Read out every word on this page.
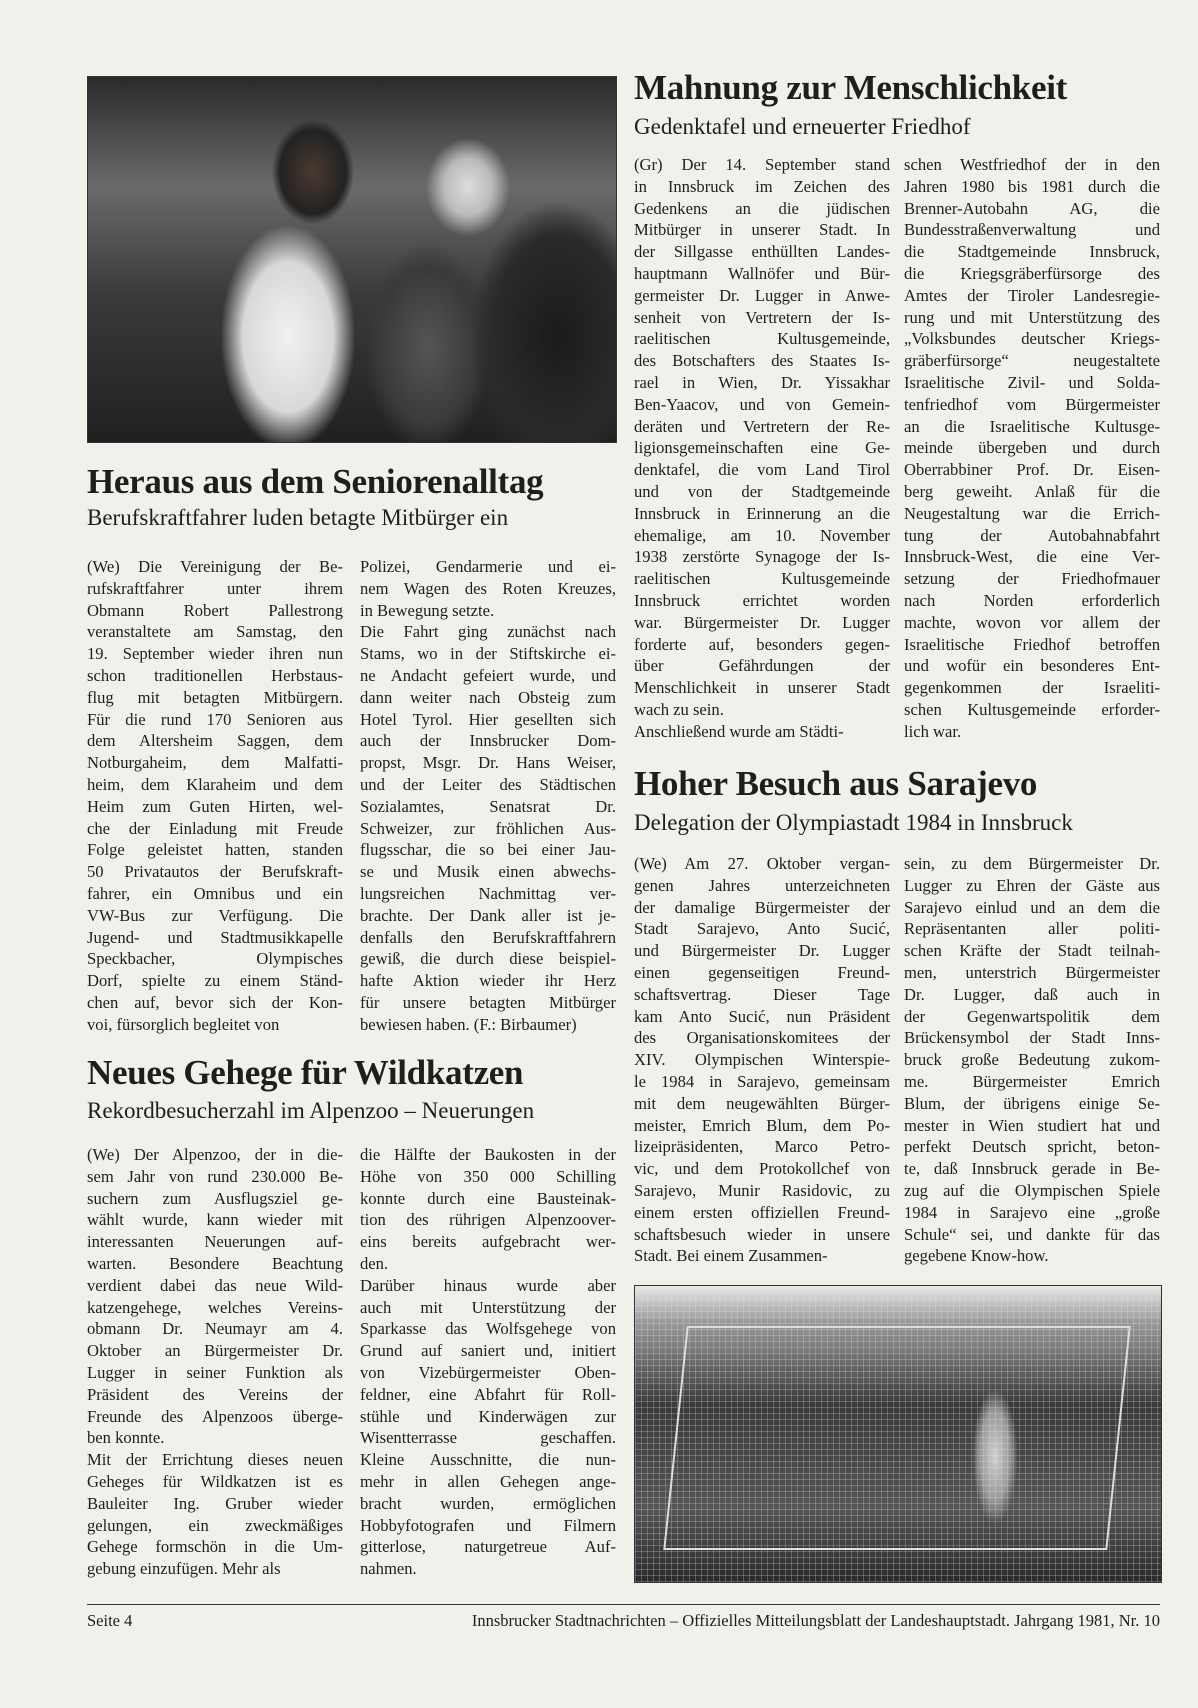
Heraus aus dem Seniorenalltag
Berufskraftfahrer luden betagte Mitbürger ein
(We) Die Vereinigung der Be-
rufskraftfahrer unter ihrem
Obmann Robert Pallestrong
veranstaltete am Samstag, den
19. September wieder ihren nun
schon traditionellen Herbstaus-
flug mit betagten Mitbürgern.
Für die rund 170 Senioren aus
dem Altersheim Saggen, dem
Notburgaheim, dem Malfatti-
heim, dem Klaraheim und dem
Heim zum Guten Hirten, wel-
che der Einladung mit Freude
Folge geleistet hatten, standen
50 Privatautos der Berufskraft-
fahrer, ein Omnibus und ein
VW-Bus zur Verfügung. Die
Jugend- und Stadtmusikkapelle
Speckbacher, Olympisches
Dorf, spielte zu einem Ständ-
chen auf, bevor sich der Kon-
voi, fürsorglich begleitet von
Polizei, Gendarmerie und ei-
nem Wagen des Roten Kreuzes,
in Bewegung setzte.
Die Fahrt ging zunächst nach
Stams, wo in der Stiftskirche ei-
ne Andacht gefeiert wurde, und
dann weiter nach Obsteig zum
Hotel Tyrol. Hier gesellten sich
auch der Innsbrucker Dom-
propst, Msgr. Dr. Hans Weiser,
und der Leiter des Städtischen
Sozialamtes, Senatsrat Dr.
Schweizer, zur fröhlichen Aus-
flugsschar, die so bei einer Jau-
se und Musik einen abwechs-
lungsreichen Nachmittag ver-
brachte. Der Dank aller ist je-
denfalls den Berufskraftfahrern
gewiß, die durch diese beispiel-
hafte Aktion wieder ihr Herz
für unsere betagten Mitbürger
bewiesen haben. (F.: Birbaumer)
Neues Gehege für Wildkatzen
Rekordbesucherzahl im Alpenzoo – Neuerungen
(We) Der Alpenzoo, der in die-
sem Jahr von rund 230.000 Be-
suchern zum Ausflugsziel ge-
wählt wurde, kann wieder mit
interessanten Neuerungen auf-
warten. Besondere Beachtung
verdient dabei das neue Wild-
katzengehege, welches Vereins-
obmann Dr. Neumayr am 4.
Oktober an Bürgermeister Dr.
Lugger in seiner Funktion als
Präsident des Vereins der
Freunde des Alpenzoos überge-
ben konnte.
Mit der Errichtung dieses neuen
Geheges für Wildkatzen ist es
Bauleiter Ing. Gruber wieder
gelungen, ein zweckmäßiges
Gehege formschön in die Um-
gebung einzufügen. Mehr als
die Hälfte der Baukosten in der
Höhe von 350 000 Schilling
konnte durch eine Bausteinak-
tion des rührigen Alpenzoover-
eins bereits aufgebracht wer-
den.
Darüber hinaus wurde aber
auch mit Unterstützung der
Sparkasse das Wolfsgehege von
Grund auf saniert und, initiert
von Vizebürgermeister Oben-
feldner, eine Abfahrt für Roll-
stühle und Kinderwägen zur
Wisentterrasse geschaffen.
Kleine Ausschnitte, die nun-
mehr in allen Gehegen ange-
bracht wurden, ermöglichen
Hobbyfotografen und Filmern
gitterlose, naturgetreue Auf-
nahmen.
Mahnung zur Menschlichkeit
Gedenktafel und erneuerter Friedhof
(Gr) Der 14. September stand
in Innsbruck im Zeichen des
Gedenkens an die jüdischen
Mitbürger in unserer Stadt. In
der Sillgasse enthüllten Landes-
hauptmann Wallnöfer und Bür-
germeister Dr. Lugger in Anwe-
senheit von Vertretern der Is-
raelitischen Kultusgemeinde,
des Botschafters des Staates Is-
rael in Wien, Dr. Yissakhar
Ben-Yaacov, und von Gemein-
deräten und Vertretern der Re-
ligionsgemeinschaften eine Ge-
denktafel, die vom Land Tirol
und von der Stadtgemeinde
Innsbruck in Erinnerung an die
ehemalige, am 10. November
1938 zerstörte Synagoge der Is-
raelitischen Kultusgemeinde
Innsbruck errichtet worden
war. Bürgermeister Dr. Lugger
forderte auf, besonders gegen-
über Gefährdungen der
Menschlichkeit in unserer Stadt
wach zu sein.
Anschließend wurde am Städti-
schen Westfriedhof der in den
Jahren 1980 bis 1981 durch die
Brenner-Autobahn AG, die
Bundesstraßenverwaltung und
die Stadtgemeinde Innsbruck,
die Kriegsgräberfürsorge des
Amtes der Tiroler Landesregie-
rung und mit Unterstützung des
„Volksbundes deutscher Kriegs-
gräberfürsorge“ neugestaltete
Israelitische Zivil- und Solda-
tenfriedhof vom Bürgermeister
an die Israelitische Kultusge-
meinde übergeben und durch
Oberrabbiner Prof. Dr. Eisen-
berg geweiht. Anlaß für die
Neugestaltung war die Errich-
tung der Autobahnabfahrt
Innsbruck-West, die eine Ver-
setzung der Friedhofmauer
nach Norden erforderlich
machte, wovon vor allem der
Israelitische Friedhof betroffen
und wofür ein besonderes Ent-
gegenkommen der Israeliti-
schen Kultusgemeinde erforder-
lich war.
Hoher Besuch aus Sarajevo
Delegation der Olympiastadt 1984 in Innsbruck
(We) Am 27. Oktober vergan-
genen Jahres unterzeichneten
der damalige Bürgermeister der
Stadt Sarajevo, Anto Sucić,
und Bürgermeister Dr. Lugger
einen gegenseitigen Freund-
schaftsvertrag. Dieser Tage
kam Anto Sucić, nun Präsident
des Organisationskomitees der
XIV. Olympischen Winterspie-
le 1984 in Sarajevo, gemeinsam
mit dem neugewählten Bürger-
meister, Emrich Blum, dem Po-
lizeipräsidenten, Marco Petro-
vic, und dem Protokollchef von
Sarajevo, Munir Rasidovic, zu
einem ersten offiziellen Freund-
schaftsbesuch wieder in unsere
Stadt. Bei einem Zusammen-
sein, zu dem Bürgermeister Dr.
Lugger zu Ehren der Gäste aus
Sarajevo einlud und an dem die
Repräsentanten aller politi-
schen Kräfte der Stadt teilnah-
men, unterstrich Bürgermeister
Dr. Lugger, daß auch in
der Gegenwartspolitik dem
Brückensymbol der Stadt Inns-
bruck große Bedeutung zukom-
me. Bürgermeister Emrich
Blum, der übrigens einige Se-
mester in Wien studiert hat und
perfekt Deutsch spricht, beton-
te, daß Innsbruck gerade in Be-
zug auf die Olympischen Spiele
1984 in Sarajevo eine „große
Schule“ sei, und dankte für das
gegebene Know-how.
Seite 4	Innsbrucker Stadtnachrichten – Offizielles Mitteilungsblatt der Landeshauptstadt. Jahrgang 1981, Nr. 10
